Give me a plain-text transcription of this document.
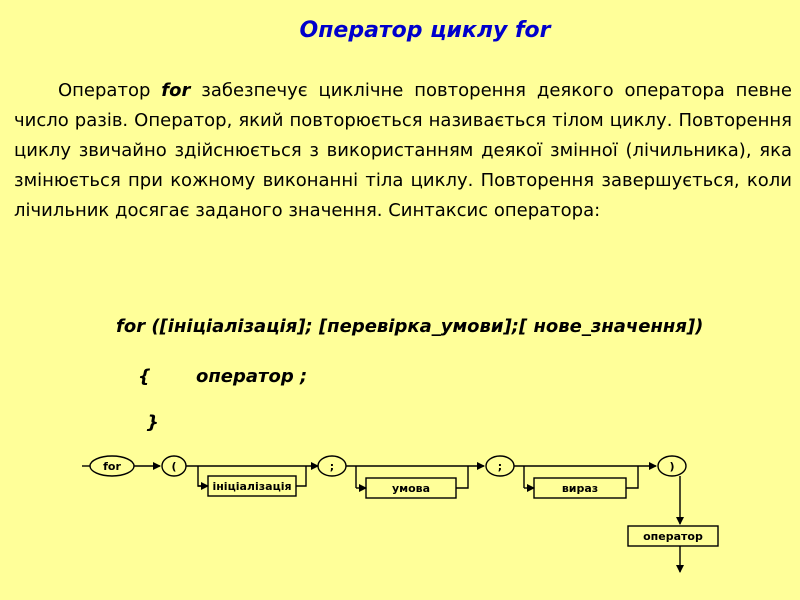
Оператор циклу for
Оператор for забезпечує циклічне повторення деякого оператора певне число разів. Оператор, який повторюється називається тілом циклу. Повторення циклу звичайно здійснюється з використанням деякої змінної (лічильника), яка змінюється при кожному виконанні тіла циклу. Повторення завершується, коли лічильник досягає заданого значення. Синтаксис оператора:
for ([ініціалізація]; [перевірка_умови];[ нове_значення])
{	оператор ;
}
for	(	;	;	)
ініціалізація	умова	вираз
оператор
